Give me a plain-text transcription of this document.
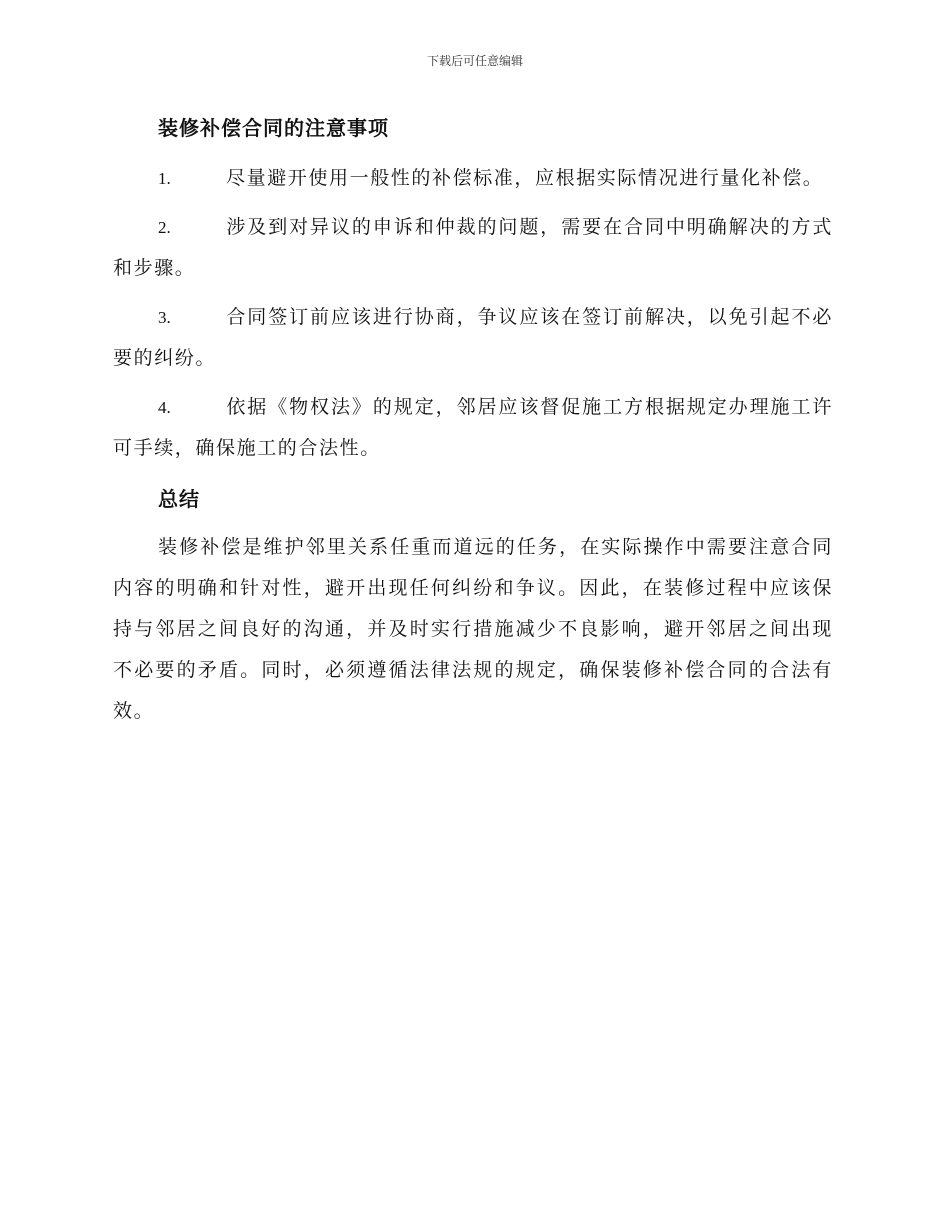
下载后可任意编辑
装修补偿合同的注意事项
1.	尽量避开使用一般性的补偿标准，应根据实际情况进行量化补偿。
2.	涉及到对异议的申诉和仲裁的问题，需要在合同中明确解决的方式和步骤。
3.	合同签订前应该进行协商，争议应该在签订前解决，以免引起不必要的纠纷。
4.	依据《物权法》的规定，邻居应该督促施工方根据规定办理施工许可手续，确保施工的合法性。
总结
装修补偿是维护邻里关系任重而道远的任务，在实际操作中需要注意合同内容的明确和针对性，避开出现任何纠纷和争议。因此，在装修过程中应该保持与邻居之间良好的沟通，并及时实行措施减少不良影响，避开邻居之间出现不必要的矛盾。同时，必须遵循法律法规的规定，确保装修补偿合同的合法有效。
